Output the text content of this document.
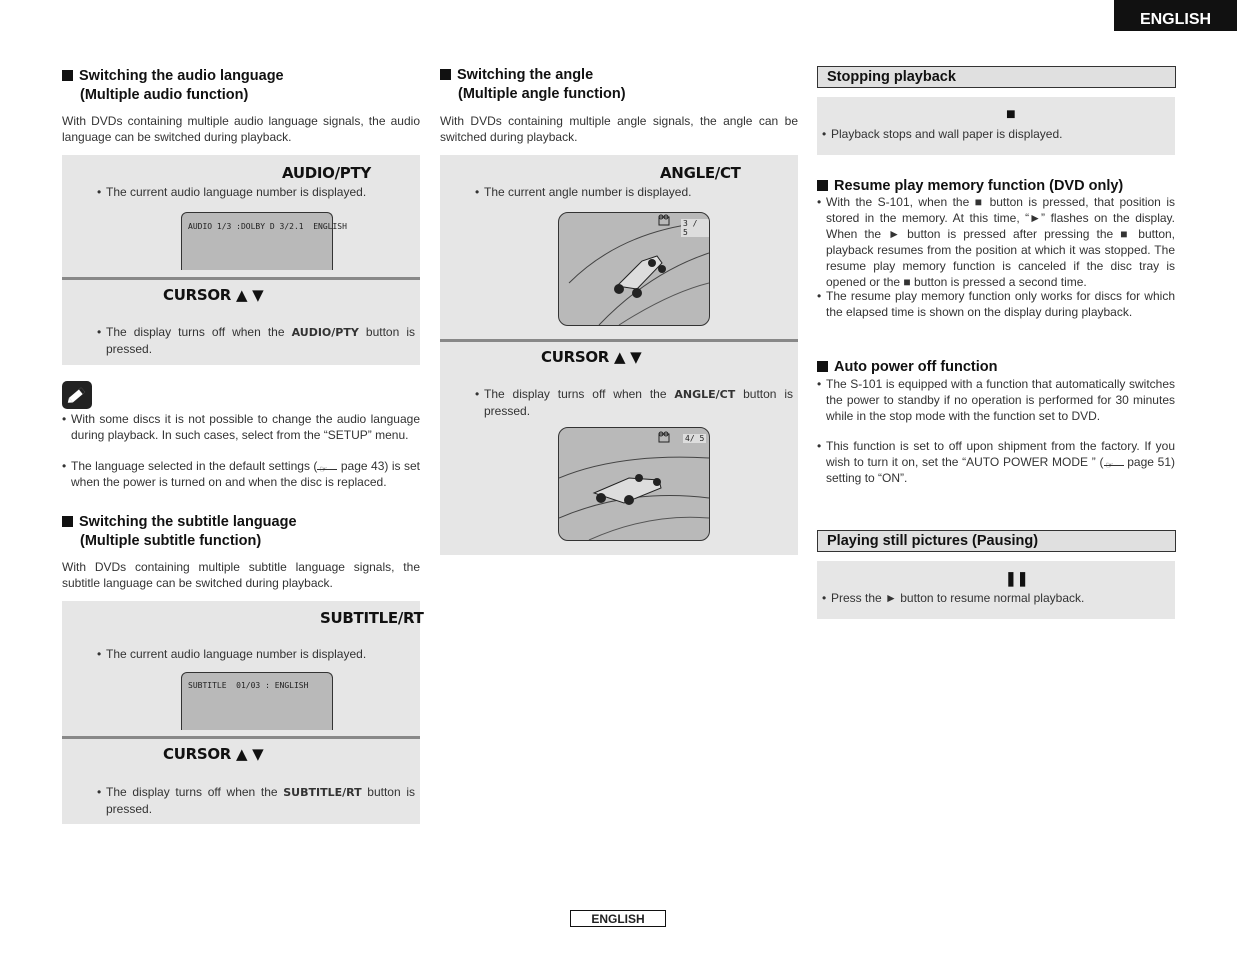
ENGLISH
Switching the audio language
(Multiple audio function)
With DVDs containing multiple audio language signals, the audio language can be switched during playback.
AUDIO/PTY
• The current audio language number is displayed.
AUDIO 1/3 :DOLBY D 3/2.1  ENGLISH
CURSOR ▲ ▼
• The display turns off when the AUDIO/PTY button is pressed.
• With some discs it is not possible to change the audio language during playback. In such cases, select from the “SETUP” menu.
• The language selected in the default settings ( ☞ page 43) is set when the power is turned on and when the disc is replaced.
Switching the subtitle language
(Multiple subtitle function)
With DVDs containing multiple subtitle language signals, the subtitle language can be switched during playback.
SUBTITLE/RT
• The current audio language number is displayed.
SUBTITLE  01/03 : ENGLISH
CURSOR ▲ ▼
• The display turns off when the SUBTITLE/RT button is pressed.
Switching the angle
(Multiple angle function)
With DVDs containing multiple angle signals, the angle can be switched during playback.
ANGLE/CT
• The current angle number is displayed.
3 / 5
CURSOR ▲ ▼
• The display turns off when the ANGLE/CT button is pressed.
4/ 5
Stopping playback
■
• Playback stops and wall paper is displayed.
Resume play memory function (DVD only)
• With the S-101, when the ■ button is pressed, that position is stored in the memory. At this time, “►” flashes on the display. When the ► button is pressed after pressing the ■ button, playback resumes from the position at which it was stopped. The resume play memory function is canceled if the disc tray is opened or the ■ button is pressed a second time.
• The resume play memory function only works for discs for which the elapsed time is shown on the display during playback.
Auto power off function
• The S-101 is equipped with a function that automatically switches the power to standby if no operation is performed for 30 minutes while in the stop mode with the function set to DVD.
• This function is set to off upon shipment from the factory. If you wish to turn it on, set the “AUTO POWER MODE ” ( ☞ page 51) setting to “ON”.
Playing still pictures (Pausing)
❚❚
• Press the ► button to resume normal playback.
ENGLISH
